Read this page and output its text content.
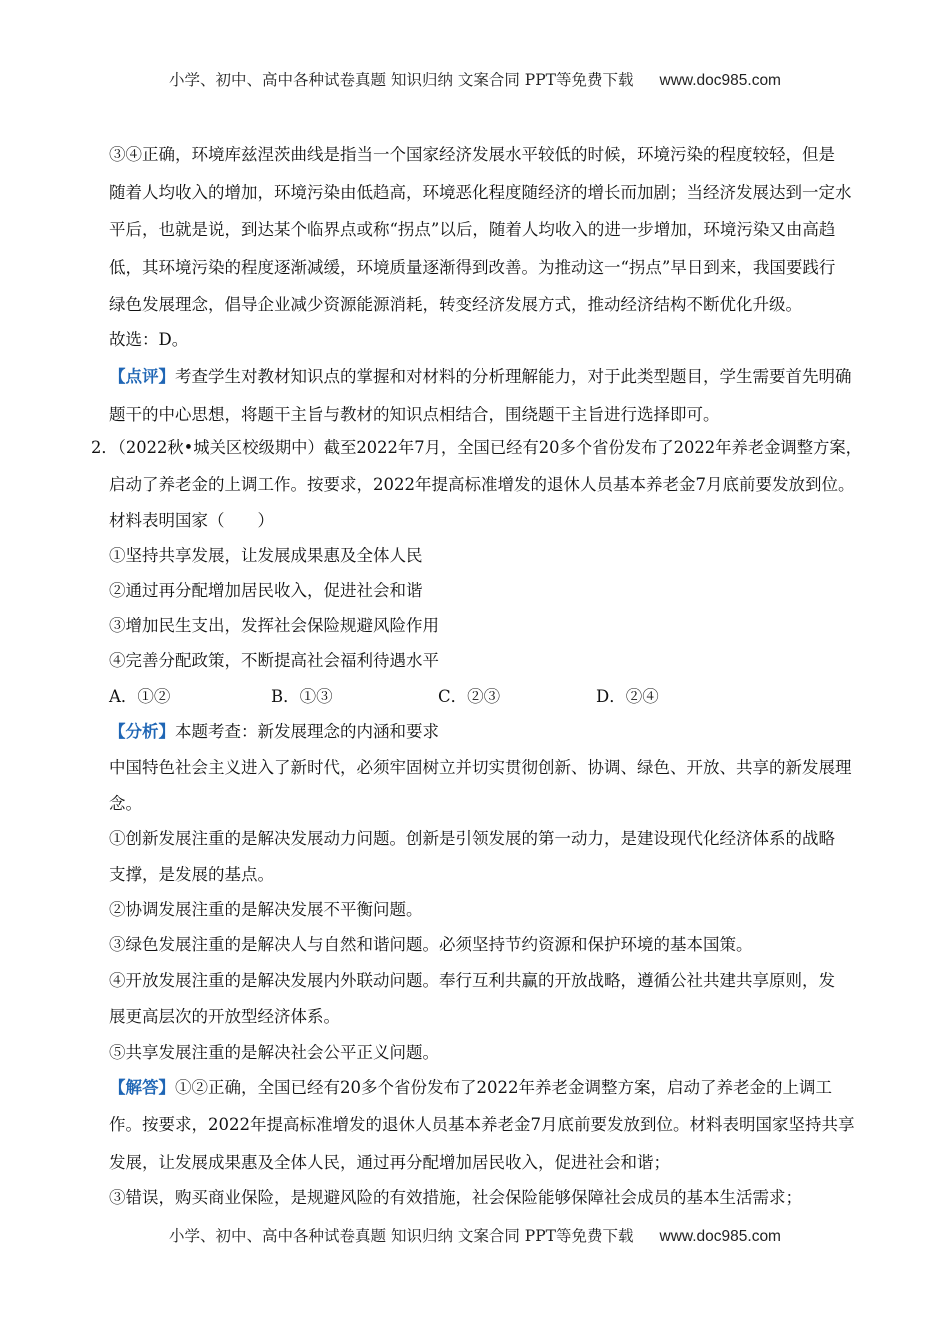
小学、初中、高中各种试卷真题 知识归纳 文案合同 PPT等免费下载 www.doc985.com
③④正确，环境库兹涅茨曲线是指当一个国家经济发展水平较低的时候，环境污染的程度较轻，但是
随着人均收入的增加，环境污染由低趋高，环境恶化程度随经济的增长而加剧；当经济发展达到一定水
平后，也就是说，到达某个临界点或称“拐点”以后，随着人均收入的进一步增加，环境污染又由高趋
低，其环境污染的程度逐渐减缓，环境质量逐渐得到改善。为推动这一“拐点”早日到来，我国要践行
绿色发展理念，倡导企业减少资源能源消耗，转变经济发展方式，推动经济结构不断优化升级。
故选：D。
【点评】考查学生对教材知识点的掌握和对材料的分析理解能力，对于此类型题目，学生需要首先明确
题干的中心思想，将题干主旨与教材的知识点相结合，围绕题干主旨进行选择即可。
2．（2022秋•城关区校级期中）截至2022年7月，全国已经有20多个省份发布了2022年养老金调整方案，
启动了养老金的上调工作。按要求，2022年提高标准增发的退休人员基本养老金7月底前要发放到位。
材料表明国家（　　）
①坚持共享发展，让发展成果惠及全体人民
②通过再分配增加居民收入，促进社会和谐
③增加民生支出，发挥社会保险规避风险作用
④完善分配政策，不断提高社会福利待遇水平
A．①②	B．①③	C．②③	D．②④
【分析】本题考查：新发展理念的内涵和要求
中国特色社会主义进入了新时代，必须牢固树立并切实贯彻创新、协调、绿色、开放、共享的新发展理
念。
①创新发展注重的是解决发展动力问题。创新是引领发展的第一动力，是建设现代化经济体系的战略
支撑，是发展的基点。
②协调发展注重的是解决发展不平衡问题。
③绿色发展注重的是解决人与自然和谐问题。必须坚持节约资源和保护环境的基本国策。
④开放发展注重的是解决发展内外联动问题。奉行互利共赢的开放战略，遵循公社共建共享原则，发
展更高层次的开放型经济体系。
⑤共享发展注重的是解决社会公平正义问题。
【解答】①②正确，全国已经有20多个省份发布了2022年养老金调整方案，启动了养老金的上调工
作。按要求，2022年提高标准增发的退休人员基本养老金7月底前要发放到位。材料表明国家坚持共享
发展，让发展成果惠及全体人民，通过再分配增加居民收入，促进社会和谐；
③错误，购买商业保险，是规避风险的有效措施，社会保险能够保障社会成员的基本生活需求；
小学、初中、高中各种试卷真题 知识归纳 文案合同 PPT等免费下载 www.doc985.com
